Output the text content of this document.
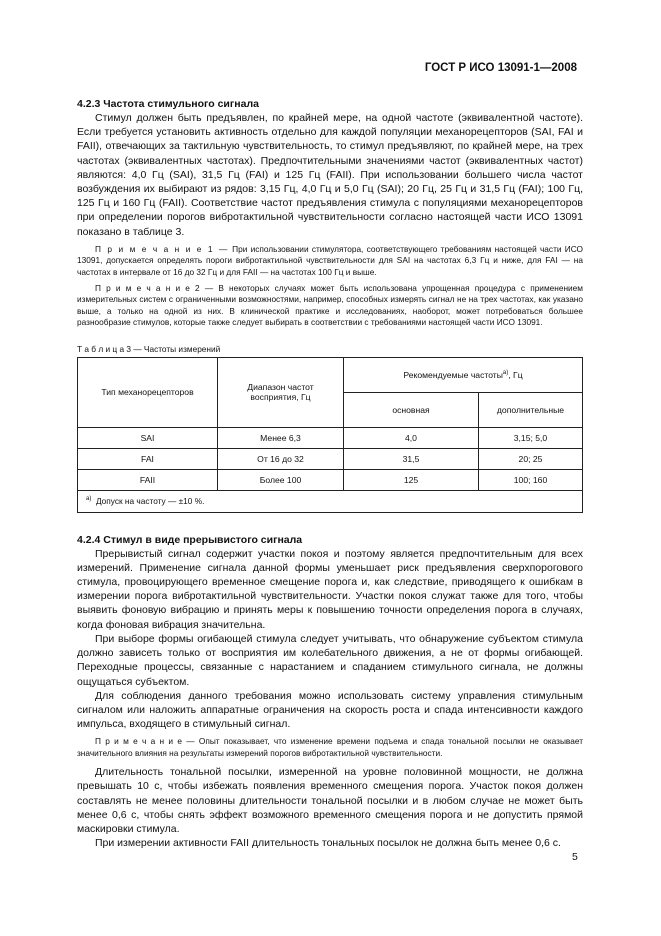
ГОСТ Р ИСО 13091-1—2008
4.2.3 Частота стимульного сигнала

Стимул должен быть предъявлен, по крайней мере, на одной частоте (эквивалентной частоте). Если требуется установить активность отдельно для каждой популяции механорецепторов (SAI, FAI и FAII), отвечающих за тактильную чувствительность, то стимул предъявляют, по крайней мере, на трех частотах (эквивалентных частотах). Предпочтительными значениями частот (эквивалентных частот) являются: 4,0 Гц (SAI), 31,5 Гц (FAI) и 125 Гц (FAII). При использовании большего числа частот возбуждения их выбирают из рядов: 3,15 Гц, 4,0 Гц и 5,0 Гц (SAI); 20 Гц, 25 Гц и 31,5 Гц (FAI); 100 Гц, 125 Гц и 160 Гц (FAII). Соответствие частот предъявления стимула с популяциями механорецепторов при определении порогов вибротактильной чувствительности согласно настоящей части ИСО 13091 показано в таблице 3.

П р и м е ч а н и е 1 — При использовании стимулятора, соответствующего требованиям настоящей части ИСО 13091, допускается определять пороги вибротактильной чувствительности для SAI на частотах 6,3 Гц и ниже, для FAI — на частотах в интервале от 16 до 32 Гц и для FAII — на частотах 100 Гц и выше.

П р и м е ч а н и е 2 — В некоторых случаях может быть использована упрощенная процедура с применением измерительных систем с ограниченными возможностями, например, способных измерять сигнал не на трех частотах, как указано выше, а только на одной из них. В клинической практике и исследованиях, наоборот, может потребоваться большее разнообразие стимулов, которые также следует выбирать в соответствии с требованиями настоящей части ИСО 13091.

Т а б л и ц а 3 — Частоты измерений
Тип механорецепторов	Диапазон частот восприятия, Гц	Рекомендуемые частоты$^{а)}$, Гц	
		основная	дополнительные
SAI	Менее 6,3	4,0	3,15; 5,0
FAI	От 16 до 32	31,5	20; 25
FAII	Более 100	125	100; 160
$^{а)}$ Допуск на частоту — ±10 %.			
4.2.4 Стимул в виде прерывистого сигнала

Прерывистый сигнал содержит участки покоя и поэтому является предпочтительным для всех измерений. Применение сигнала данной формы уменьшает риск предъявления сверхпорогового стимула, провоцирующего временное смещение порога и, как следствие, приводящего к ошибкам в измерении порога вибротактильной чувствительности. Участки покоя служат также для того, чтобы выявить фоновую вибрацию и принять меры к повышению точности определения порога в случаях, когда фоновая вибрация значительна.

При выборе формы огибающей стимула следует учитывать, что обнаружение субъектом стимула должно зависеть только от восприятия им колебательного движения, а не от формы огибающей. Переходные процессы, связанные с нарастанием и спаданием стимульного сигнала, не должны ощущаться субъектом.

Для соблюдения данного требования можно использовать систему управления стимульным сигналом или наложить аппаратные ограничения на скорость роста и спада интенсивности каждого импульса, входящего в стимульный сигнал.

П р и м е ч а н и е — Опыт показывает, что изменение времени подъема и спада тональной посылки не оказывает значительного влияния на результаты измерений порогов вибротактильной чувствительности.

Длительность тональной посылки, измеренной на уровне половинной мощности, не должна превышать 10 с, чтобы избежать появления временного смещения порога. Участок покоя должен составлять не менее половины длительности тональной посылки и в любом случае не может быть менее 0,6 с, чтобы снять эффект возможного временного смещения порога и не допустить прямой маскировки стимула.

При измерении активности FAII длительность тональных посылок не должна быть менее 0,6 с.

5
